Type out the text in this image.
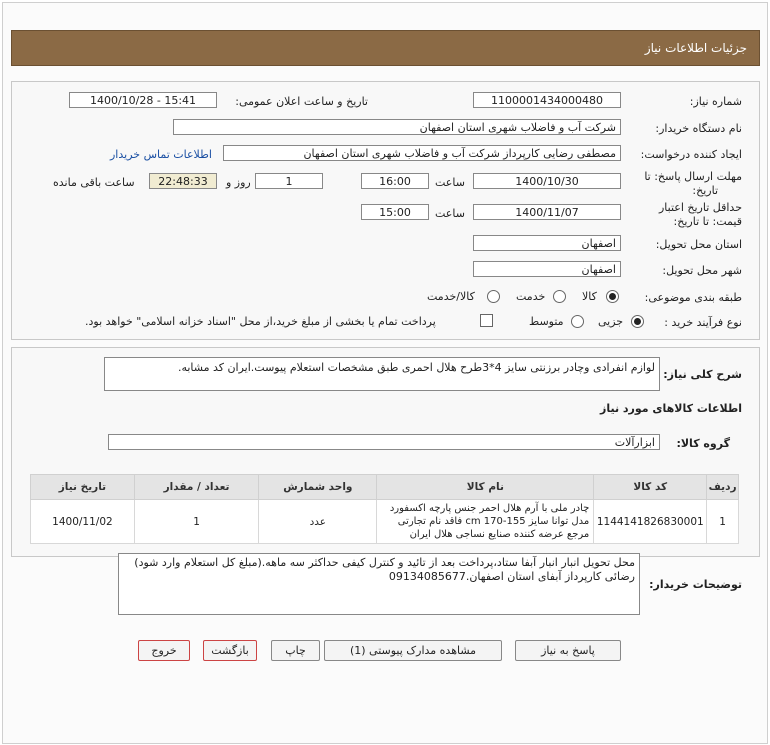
جزئیات اطلاعات نیاز
شماره نیاز:
1100001434000480
تاریخ و ساعت اعلان عمومی:
1400/10/28 - 15:41
نام دستگاه خریدار:
شرکت آب و فاضلاب شهری استان اصفهان
ایجاد کننده درخواست:
مصطفی رضایی کارپرداز شرکت آب و فاضلاب شهری استان اصفهان
اطلاعات تماس خریدار
مهلت ارسال پاسخ: تا
تاریخ:
1400/10/30
ساعت
16:00
1
روز و
22:48:33
ساعت باقی مانده
حداقل تاریخ اعتبار
قیمت: تا تاریخ:
1400/11/07
ساعت
15:00
استان محل تحویل:
اصفهان
شهر محل تحویل:
اصفهان
طبقه بندی موضوعی:
کالا
خدمت
کالا/خدمت
نوع فرآیند خرید :
جزیی
متوسط
پرداخت تمام یا بخشی از مبلغ خرید،از محل "اسناد خزانه اسلامی" خواهد بود.
شرح کلی نیاز:
لوازم انفرادی وچادر برزنتی سایز 4*3طرح هلال احمری طبق مشخصات استعلام پیوست.ایران کد مشابه.
اطلاعات کالاهای مورد نیاز
گروه کالا:
ابزارآلات
ردیف	کد کالا	نام کالا	واحد شمارش	تعداد / مقدار	تاریخ نیاز
1	1144141826830001	چادر ملی با آرم هلال احمر جنس پارچه اکسفورد مدل توانا سایز 155-170 cm فاقد نام تجارتی مرجع عرضه کننده صنایع نساجی هلال ایران	عدد	1	1400/11/02
توضیحات خریدار:
محل تحویل انبار انبار آبفا ستاد،پرداخت بعد از تائید و کنترل کیفی حداکثر سه ماهه.(مبلغ کل استعلام وارد شود)
رضائی کارپرداز آبفای استان اصفهان.09134085677
پاسخ به نیاز
مشاهده مدارک پیوستی (1)
چاپ
بازگشت
خروج
